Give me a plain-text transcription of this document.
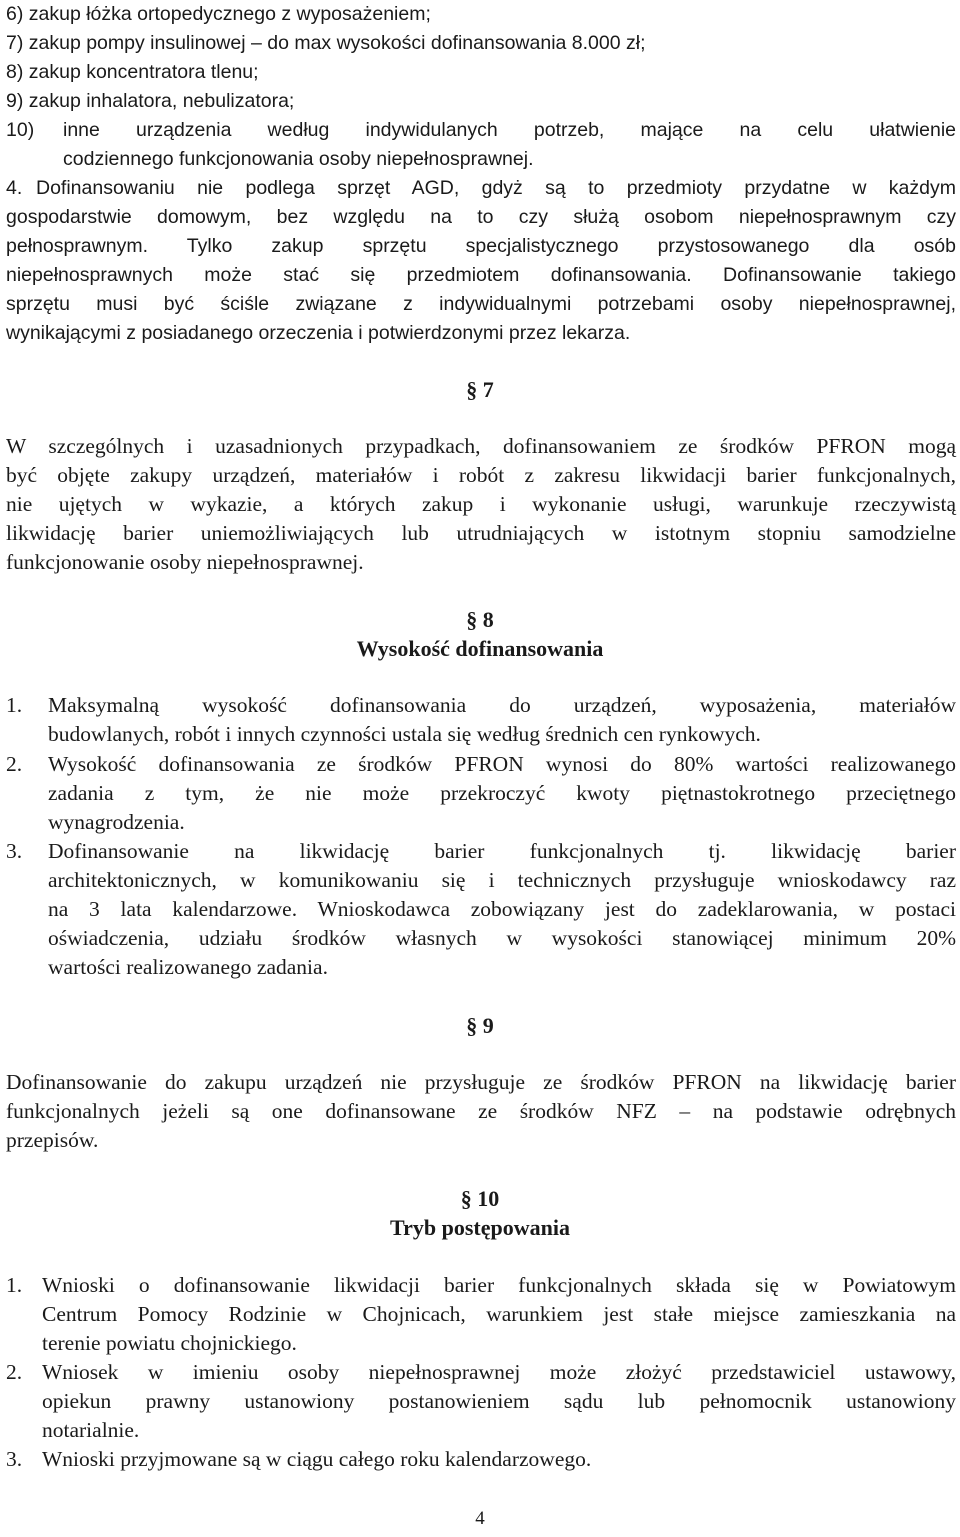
6) zakup łóżka ortopedycznego z wyposażeniem;
7) zakup pompy insulinowej – do max wysokości dofinansowania 8.000 zł;
8) zakup koncentratora tlenu;
9) zakup inhalatora, nebulizatora;
10) inne urządzenia według indywidulanych potrzeb, mające na celu ułatwienie
codziennego funkcjonowania osoby niepełnosprawnej.
4. Dofinansowaniu nie podlega sprzęt AGD, gdyż są to przedmioty przydatne w każdym
gospodarstwie domowym, bez względu na to czy służą osobom niepełnosprawnym czy
pełnosprawnym. Tylko zakup sprzętu specjalistycznego przystosowanego dla osób
niepełnosprawnych może stać się przedmiotem dofinansowania. Dofinansowanie takiego
sprzętu musi być ściśle związane z indywidualnymi potrzebami osoby niepełnosprawnej,
wynikającymi z posiadanego orzeczenia i potwierdzonymi przez lekarza.
§ 7
W szczególnych i uzasadnionych przypadkach, dofinansowaniem ze środków PFRON mogą
być objęte zakupy urządzeń, materiałów i robót z zakresu likwidacji barier funkcjonalnych,
nie ujętych w wykazie, a których zakup i wykonanie usługi, warunkuje rzeczywistą
likwidację barier uniemożliwiających lub utrudniających w istotnym stopniu samodzielne
funkcjonowanie osoby niepełnosprawnej.
§ 8
Wysokość dofinansowania
1. Maksymalną wysokość dofinansowania do urządzeń, wyposażenia, materiałów
budowlanych, robót i innych czynności ustala się według średnich cen rynkowych.
2. Wysokość dofinansowania ze środków PFRON wynosi do 80% wartości realizowanego
zadania z tym, że nie może przekroczyć kwoty piętnastokrotnego przeciętnego
wynagrodzenia.
3. Dofinansowanie na likwidację barier funkcjonalnych tj. likwidację barier
architektonicznych, w komunikowaniu się i technicznych przysługuje wnioskodawcy raz
na 3 lata kalendarzowe. Wnioskodawca zobowiązany jest do zadeklarowania, w postaci
oświadczenia, udziału środków własnych w wysokości stanowiącej minimum 20%
wartości realizowanego zadania.
§ 9
Dofinansowanie do zakupu urządzeń nie przysługuje ze środków PFRON na likwidację barier
funkcjonalnych jeżeli są one dofinansowane ze środków NFZ – na podstawie odrębnych
przepisów.
§ 10
Tryb postępowania
1. Wnioski o dofinansowanie likwidacji barier funkcjonalnych składa się w Powiatowym
Centrum Pomocy Rodzinie w Chojnicach, warunkiem jest stałe miejsce zamieszkania na
terenie powiatu chojnickiego.
2. Wniosek w imieniu osoby niepełnosprawnej może złożyć przedstawiciel ustawowy,
opiekun prawny ustanowiony postanowieniem sądu lub pełnomocnik ustanowiony
notarialnie.
3. Wnioski przyjmowane są w ciągu całego roku kalendarzowego.
4
